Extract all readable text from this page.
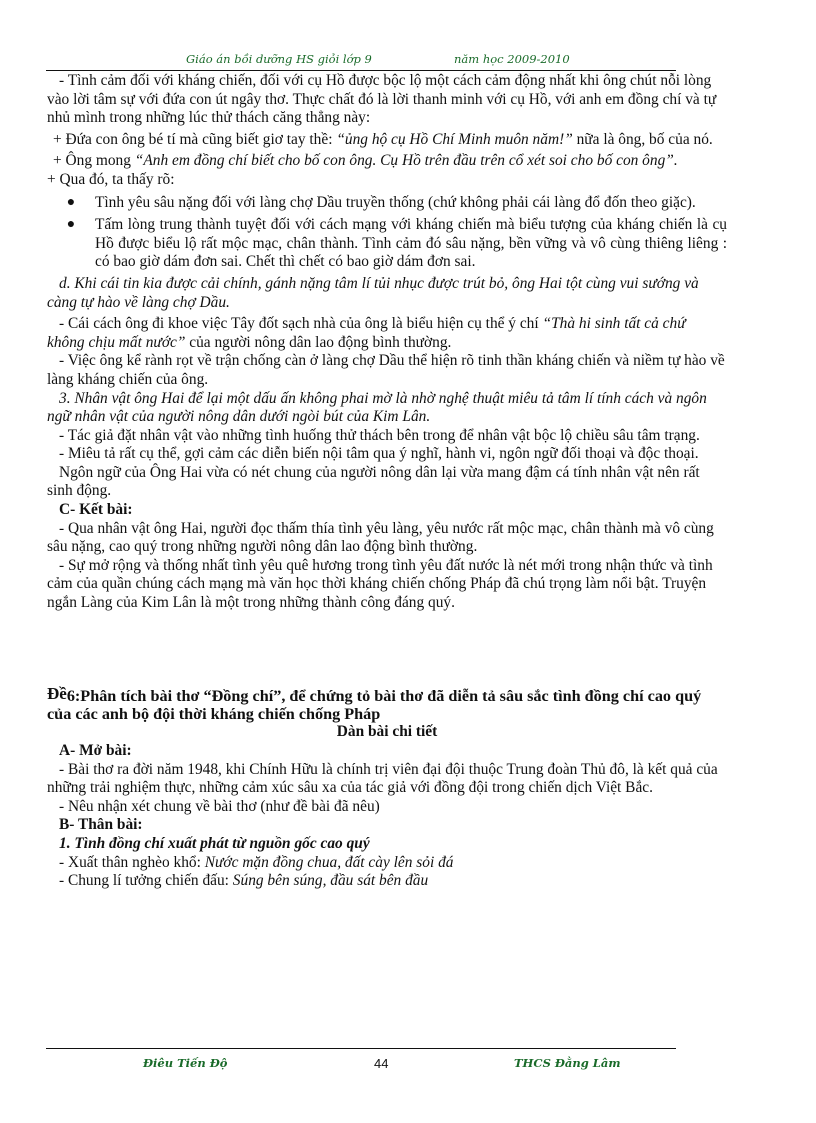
Giáo án bồi dưỡng HS giỏi lớp 9	năm học 2009-2010

- Tình cảm đối với kháng chiến, đối với cụ Hồ được bộc lộ một cách cảm động nhất khi ông chút nỗi lòng vào lời tâm sự với đứa con út ngây thơ. Thực chất đó là lời thanh minh với cụ Hồ, với anh em đồng chí và tự nhủ mình trong những lúc thử thách căng thẳng này:

+ Đứa con ông bé tí mà cũng biết giơ tay thề: “ủng hộ cụ Hồ Chí Minh muôn năm!” nữa là ông, bố của nó.

+ Ông mong “Anh em đồng chí biết cho bố con ông. Cụ Hồ trên đầu trên cổ xét soi cho bố con ông”.

+ Qua đó, ta thấy rõ:

●	Tình yêu sâu nặng đối với làng chợ Dầu truyền thống (chứ không phải cái làng đổ đốn theo giặc).
●	Tấm lòng trung thành tuyệt đối với cách mạng với kháng chiến mà biểu tượng của kháng chiến là cụ Hồ được biểu lộ rất mộc mạc, chân thành. Tình cảm đó sâu nặng, bền vững và vô cùng thiêng liêng : có bao giờ dám đơn sai. Chết thì chết có bao giờ dám đơn sai.

d. Khi cái tin kia được cải chính, gánh nặng tâm lí tủi nhục được trút bỏ, ông Hai tột cùng vui sướng và càng tự hào về làng chợ Dầu.

- Cái cách ông đi khoe việc Tây đốt sạch nhà của ông là biểu hiện cụ thể ý chí “Thà hi sinh tất cả chứ không chịu mất nước” của người nông dân lao động bình thường.

- Việc ông kể rành rọt về trận chống càn ở làng chợ Dầu thể hiện rõ tinh thần kháng chiến và niềm tự hào về làng kháng chiến của ông.

3. Nhân vật ông Hai để lại một dấu ấn không phai mờ là nhờ nghệ thuật miêu tả tâm lí tính cách và ngôn ngữ nhân vật của người nông dân dưới ngòi bút của Kim Lân.

- Tác giả đặt nhân vật vào những tình huống thử thách bên trong để nhân vật bộc lộ chiều sâu tâm trạng.

- Miêu tả rất cụ thể, gợi cảm các diễn biến nội tâm qua ý nghĩ, hành vi, ngôn ngữ đối thoại và độc thoại.

Ngôn ngữ của Ông Hai vừa có nét chung của người nông dân lại vừa mang đậm cá tính nhân vật nên rất sinh động.

C- Kết bài:

- Qua nhân vật ông Hai, người đọc thấm thía tình yêu làng, yêu nước rất mộc mạc, chân thành mà vô cùng sâu nặng, cao quý trong những người nông dân lao động bình thường.

- Sự mở rộng và thống nhất tình yêu quê hương trong tình yêu đất nước là nét mới trong nhận thức và tình cảm của quần chúng cách mạng mà văn học thời kháng chiến chống Pháp đã chú trọng làm nổi bật. Truyện ngắn Làng của Kim Lân là một trong những thành công đáng quý.

Đề6:Phân tích bài thơ “Đồng chí”, để chứng tỏ bài thơ đã diễn tả sâu sắc tình đồng chí cao quý của các anh bộ đội thời kháng chiến chống Pháp

Dàn bài chi tiết

A- Mở bài:

- Bài thơ ra đời năm 1948, khi Chính Hữu là chính trị viên đại đội thuộc Trung đoàn Thủ đô, là kết quả của những trải nghiệm thực, những cảm xúc sâu xa của tác giả với đồng đội trong chiến dịch Việt Bắc.

- Nêu nhận xét chung về bài thơ (như đề bài đã nêu)

B- Thân bài:

1. Tình đồng chí xuất phát từ nguồn gốc cao quý

- Xuất thân nghèo khổ: Nước mặn đồng chua, đất cày lên sỏi đá

- Chung lí tưởng chiến đấu: Súng bên súng, đầu sát bên đầu

Điêu Tiến Độ	44	THCS Đằng Lâm
